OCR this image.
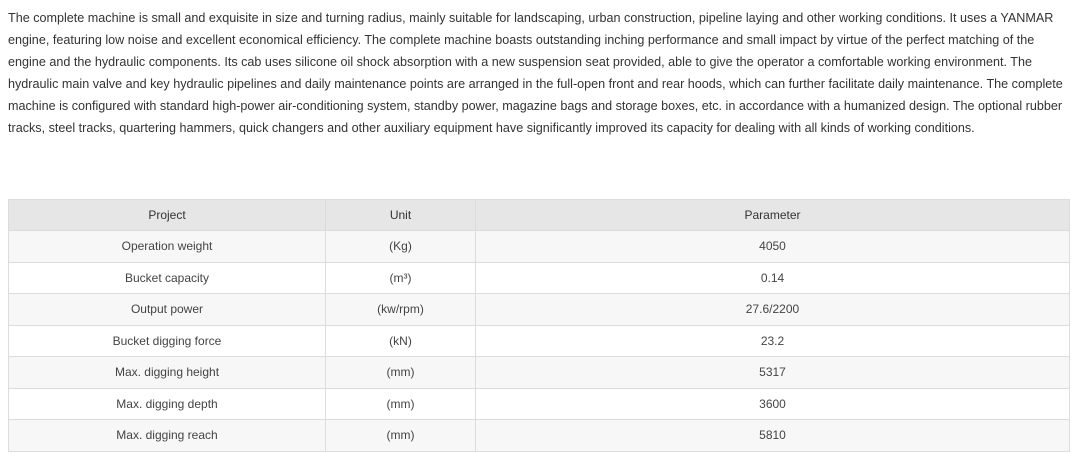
The complete machine is small and exquisite in size and turning radius, mainly suitable for landscaping, urban construction, pipeline laying and other working conditions. It uses a YANMAR engine, featuring low noise and excellent economical efficiency. The complete machine boasts outstanding inching performance and small impact by virtue of the perfect matching of the engine and the hydraulic components. Its cab uses silicone oil shock absorption with a new suspension seat provided, able to give the operator a comfortable working environment. The hydraulic main valve and key hydraulic pipelines and daily maintenance points are arranged in the full-open front and rear hoods, which can further facilitate daily maintenance. The complete machine is configured with standard high-power air-conditioning system, standby power, magazine bags and storage boxes, etc. in accordance with a humanized design. The optional rubber tracks, steel tracks, quartering hammers, quick changers and other auxiliary equipment have significantly improved its capacity for dealing with all kinds of working conditions.

Project	Unit	Parameter
Operation weight	(Kg)	4050
Bucket capacity	(m³)	0.14
Output power	(kw/rpm)	27.6/2200
Bucket digging force	(kN)	23.2
Max. digging height	(mm)	5317
Max. digging depth	(mm)	3600
Max. digging reach	(mm)	5810
